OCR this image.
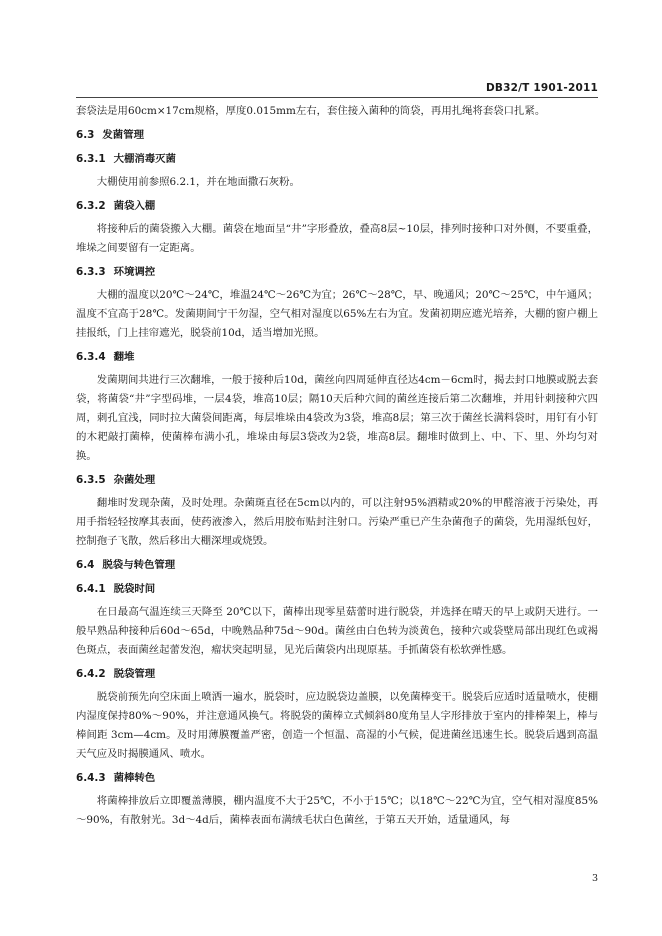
DB32/T 1901-2011

套袋法是用60cm×17cm规格，厚度0.015mm左右，套住接入菌种的筒袋，再用扎绳将套袋口扎紧。

6.3 发菌管理
6.3.1 大棚消毒灭菌

大棚使用前参照6.2.1，并在地面撒石灰粉。

6.3.2 菌袋入棚

将接种后的菌袋搬入大棚。菌袋在地面呈“井”字形叠放，叠高8层~10层，排列时接种口对外侧，不要重叠，堆垛之间要留有一定距离。

6.3.3 环境调控

大棚的温度以20℃～24℃，堆温24℃～26℃为宜；26℃～28℃，早、晚通风；20℃～25℃，中午通风；温度不宜高于28℃。发菌期间宁干勿湿，空气相对湿度以65%左右为宜。发菌初期应遮光培养，大棚的窗户棚上挂报纸，门上挂帘遮光，脱袋前10d，适当增加光照。

6.3.4 翻堆

发菌期间共进行三次翻堆，一般于接种后10d，菌丝向四周延伸直径达4cm－6cm时，揭去封口地膜或脱去套袋，将菌袋“井”字型码堆，一层4袋，堆高10层；隔10天后种穴间的菌丝连接后第二次翻堆，并用针刺接种穴四周，刺孔宜浅，同时拉大菌袋间距离，每层堆垛由4袋改为3袋，堆高8层；第三次于菌丝长满料袋时，用钉有小钉的木耙敲打菌棒，使菌棒布满小孔，堆垛由每层3袋改为2袋，堆高8层。翻堆时做到上、中、下、里、外均匀对换。

6.3.5 杂菌处理

翻堆时发现杂菌，及时处理。杂菌斑直径在5cm以内的，可以注射95%酒精或20%的甲醛溶液于污染处，再用手指轻轻按摩其表面，使药液渗入，然后用胶布贴封注射口。污染严重已产生杂菌孢子的菌袋，先用湿纸包好，控制孢子飞散，然后移出大棚深埋或烧毁。

6.4 脱袋与转色管理
6.4.1 脱袋时间

在日最高气温连续三天降至 20℃以下，菌棒出现零星菇蕾时进行脱袋，并选择在晴天的早上或阴天进行。一般早熟品种接种后60d～65d，中晚熟品种75d～90d。菌丝由白色转为淡黄色，接种穴或袋壁局部出现红色或褐色斑点，表面菌丝起蕾发泡，瘤状突起明显，见光后菌袋内出现原基。手抓菌袋有松软弹性感。

6.4.2 脱袋管理

脱袋前预先向空床面上喷洒一遍水，脱袋时，应边脱袋边盖膜，以免菌棒变干。脱袋后应适时适量喷水，使棚内湿度保持80%～90%，并注意通风换气。将脱袋的菌棒立式倾斜80度角呈人字形排放于室内的排棒架上，棒与棒间距 3cm—4cm。及时用薄膜覆盖严密，创造一个恒温、高湿的小气候，促进菌丝迅速生长。脱袋后遇到高温天气应及时揭膜通风、喷水。

6.4.3 菌棒转色

将菌棒排放后立即覆盖薄膜，棚内温度不大于25℃，不小于15℃；以18℃～22℃为宜，空气相对湿度85%～90%，有散射光。3d～4d后，菌棒表面布满绒毛状白色菌丝，于第五天开始，适量通风，每

3
